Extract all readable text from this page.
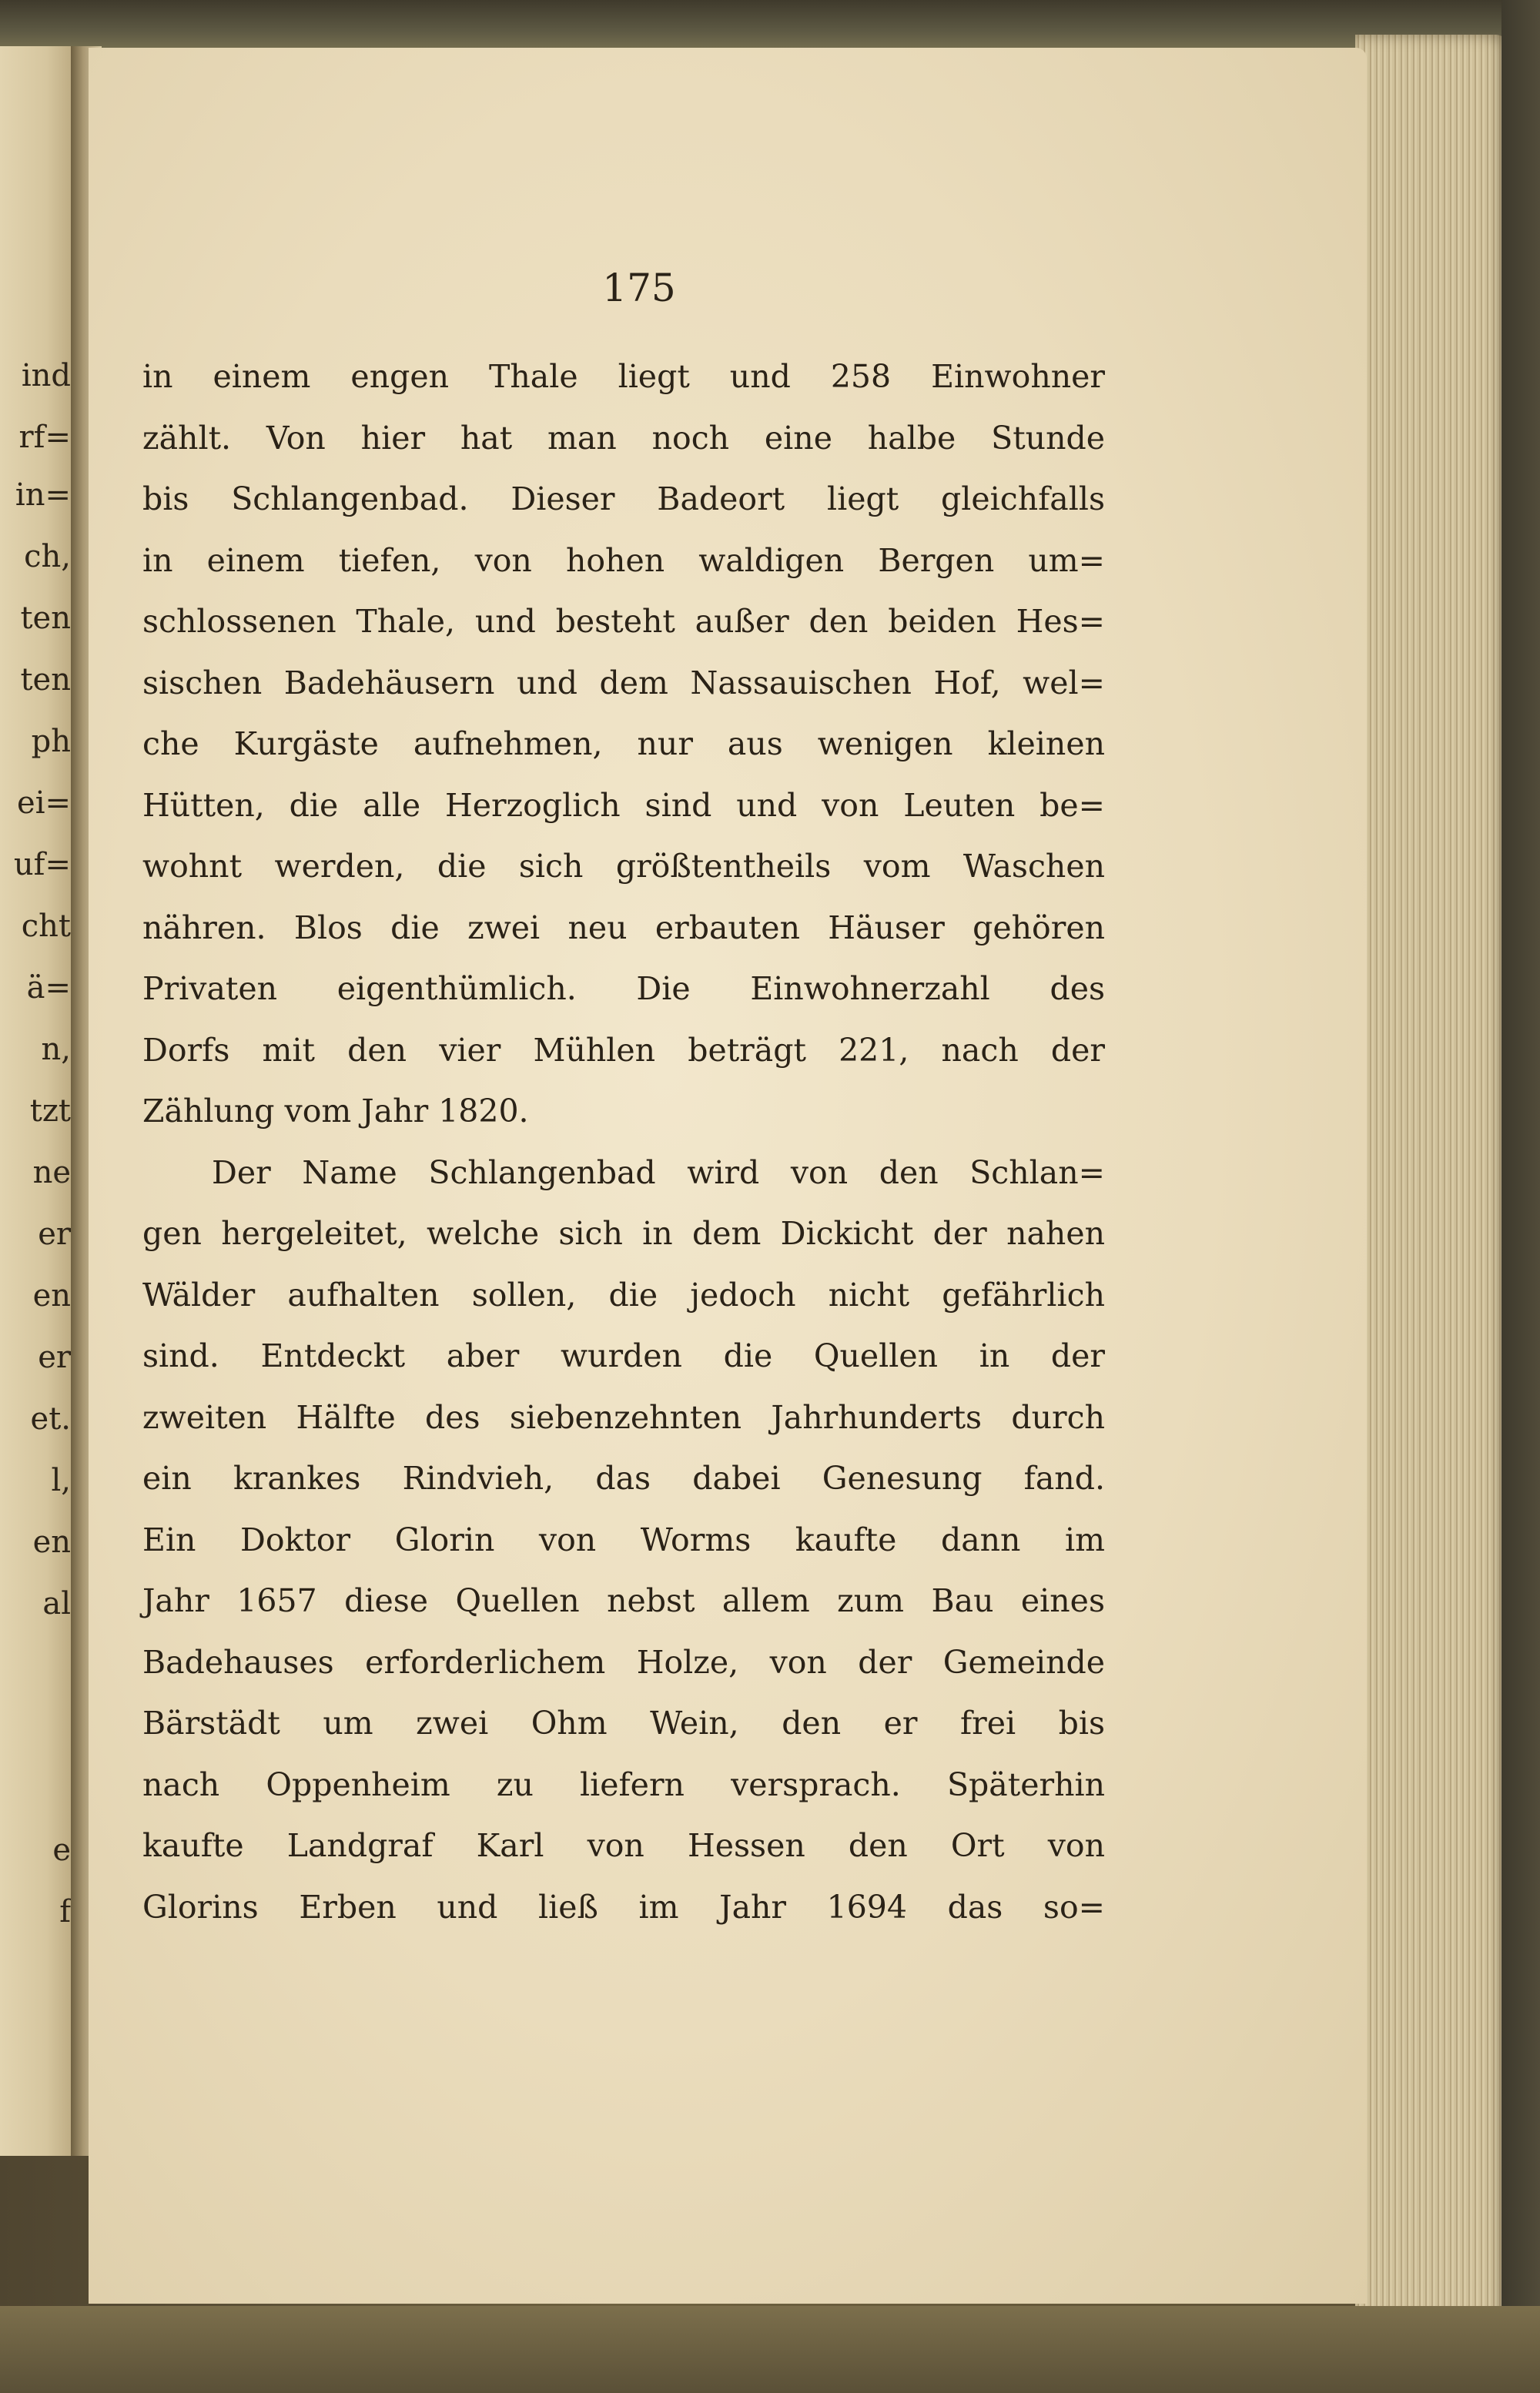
ind
rf=
in=
ch,
ten
ten
ph
ei=
uf=
cht
ä=
n,
tzt
ne
er
en
er
et.
l,
en
al
e
f
175
in einem engen Thale liegt und 258 Einwohner
zählt. Von hier hat man noch eine halbe Stunde
bis Schlangenbad. Dieser Badeort liegt gleichfalls
in einem tiefen, von hohen waldigen Bergen um=
schlossenen Thale, und besteht außer den beiden Hes=
sischen Badehäusern und dem Nassauischen Hof, wel=
che Kurgäste aufnehmen, nur aus wenigen kleinen
Hütten, die alle Herzoglich sind und von Leuten be=
wohnt werden, die sich größtentheils vom Waschen
nähren. Blos die zwei neu erbauten Häuser gehören
Privaten eigenthümlich. Die Einwohnerzahl des
Dorfs mit den vier Mühlen beträgt 221, nach der
Zählung vom Jahr 1820.
Der Name Schlangenbad wird von den Schlan=
gen hergeleitet, welche sich in dem Dickicht der nahen
Wälder aufhalten sollen, die jedoch nicht gefährlich
sind. Entdeckt aber wurden die Quellen in der
zweiten Hälfte des siebenzehnten Jahrhunderts durch
ein krankes Rindvieh, das dabei Genesung fand.
Ein Doktor Glorin von Worms kaufte dann im
Jahr 1657 diese Quellen nebst allem zum Bau eines
Badehauses erforderlichem Holze, von der Gemeinde
Bärstädt um zwei Ohm Wein, den er frei bis
nach Oppenheim zu liefern versprach. Späterhin
kaufte Landgraf Karl von Hessen den Ort von
Glorins Erben und ließ im Jahr 1694 das so=
